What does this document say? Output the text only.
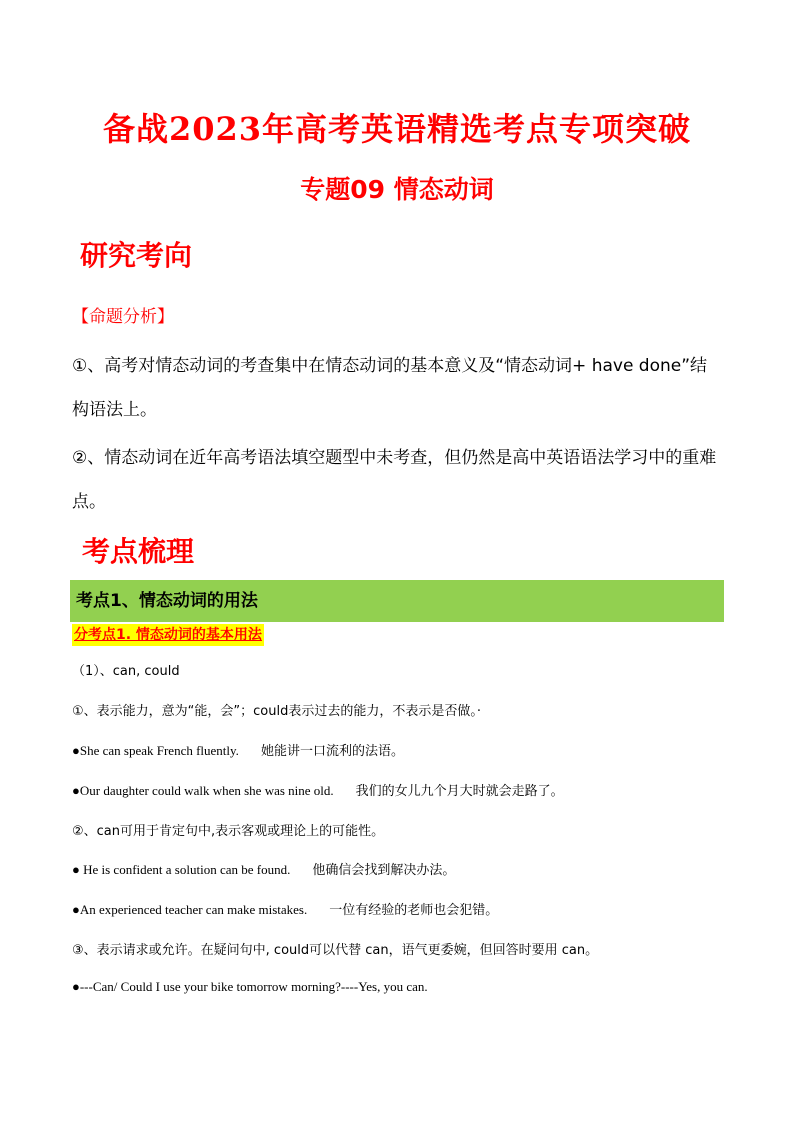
备战2023年高考英语精选考点专项突破
专题09 情态动词
研究考向
【命题分析】
①、高考对情态动词的考查集中在情态动词的基本意义及“情态动词+ have done”结构语法上。
②、情态动词在近年高考语法填空题型中未考查，但仍然是高中英语语法学习中的重难点。
考点梳理
考点1、情态动词的用法
分考点1. 情态动词的基本用法
（1）、can, could
①、表示能力，意为“能，会”；could表示过去的能力，不表示是否做。·
●She can speak French fluently. 她能讲一口流利的法语。
●Our daughter could walk when she was nine old. 我们的女儿九个月大时就会走路了。
②、can可用于肯定句中,表示客观或理论上的可能性。
● He is confident a solution can be found. 他确信会找到解决办法。
●An experienced teacher can make mistakes. 一位有经验的老师也会犯错。
③、表示请求或允许。在疑问句中, could可以代替 can，语气更委婉，但回答时要用 can。
●---Can/ Could I use your bike tomorrow morning?----Yes, you can.
